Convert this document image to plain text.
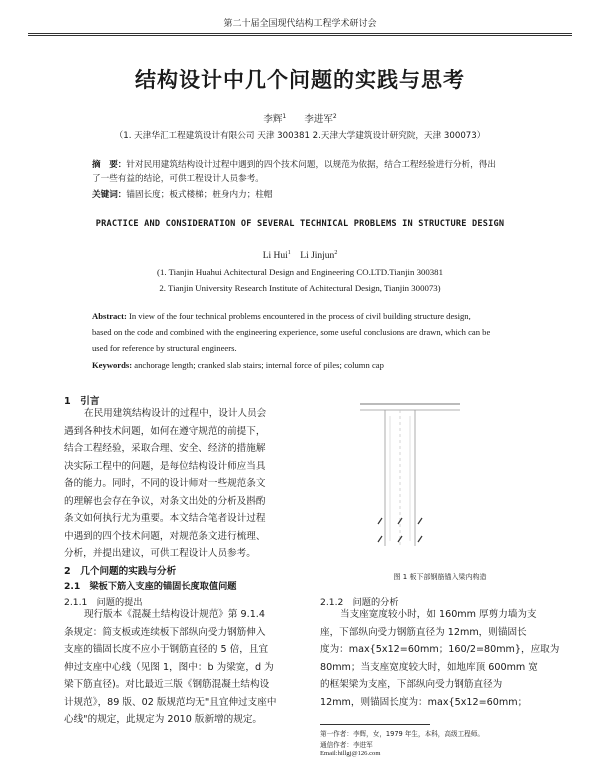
第二十届全国现代结构工程学术研讨会
结构设计中几个问题的实践与思考
李辉$^1$ 李进军$^2$
（1. 天津华汇工程建筑设计有限公司 天津 300381 2.天津大学建筑设计研究院，天津 300073）
摘　要：针对民用建筑结构设计过程中遇到的四个技术问题，以规范为依据，结合工程经验进行分析，得出
了一些有益的结论，可供工程设计人员参考。
关键词：锚固长度；板式楼梯；桩身内力；柱帽
PRACTICE AND CONSIDERATION OF SEVERAL TECHNICAL PROBLEMS IN STRUCTURE DESIGN
Li Hui$^1$ Li Jinjun$^2$
(1. Tianjin Huahui Achitectural Design and Engineering CO.LTD.Tianjin 300381
2. Tianjin University Research Institute of Achitectural Design, Tianjin 300073)
Abstract: In view of the four technical problems encountered in the process of civil building structure design,
based on the code and combined with the engineering experience, some useful conclusions are drawn, which can be
used for reference by structural engineers.
Keywords: anchorage length; cranked slab stairs; internal force of piles; column cap
1　引言
在民用建筑结构设计的过程中，设计人员会
遇到各种技术问题，如何在遵守规范的前提下，
结合工程经验，采取合理、安全、经济的措施解
决实际工程中的问题，是每位结构设计师应当具
备的能力。同时，不同的设计师对一些规范条文
的理解也会存在争议，对条文出处的分析及斟酌
条文如何执行尤为重要。本文结合笔者设计过程
中遇到的四个技术问题，对规范条文进行梳理、
分析，并提出建议，可供工程设计人员参考。
2　几个问题的实践与分析
2.1　梁板下筋入支座的锚固长度取值问题
2.1.1　问题的提出
现行版本《混凝土结构设计规范》第 9.1.4
条规定：简支板或连续板下部纵向受力钢筋伸入
支座的锚固长度不应小于钢筋直径的 5 倍，且宜
伸过支座中心线（见图 1，图中：b 为梁宽，d 为
梁下筋直径)。对比最近三版《钢筋混凝土结构设
计规范》，89 版、02 版规范均无"且宜伸过支座中
心线"的规定，此规定为 2010 版新增的规定。
图 1 板下部钢筋锚入梁内构造
2.1.2　问题的分析
当支座宽度较小时，如 160mm 厚剪力墙为支
座，下部纵向受力钢筋直径为 12mm，则锚固长
度为：max{5x12=60mm；160/2=80mm}，应取为
80mm；当支座宽度较大时，如地库顶 600mm 宽
的框架梁为支座，下部纵向受力钢筋直径为
12mm，则锚固长度为：max{5x12=60mm；
第一作者：李辉，女，1979 年生，本科，高级工程师。
通信作者：李进军
Email:hillgj@126.com
